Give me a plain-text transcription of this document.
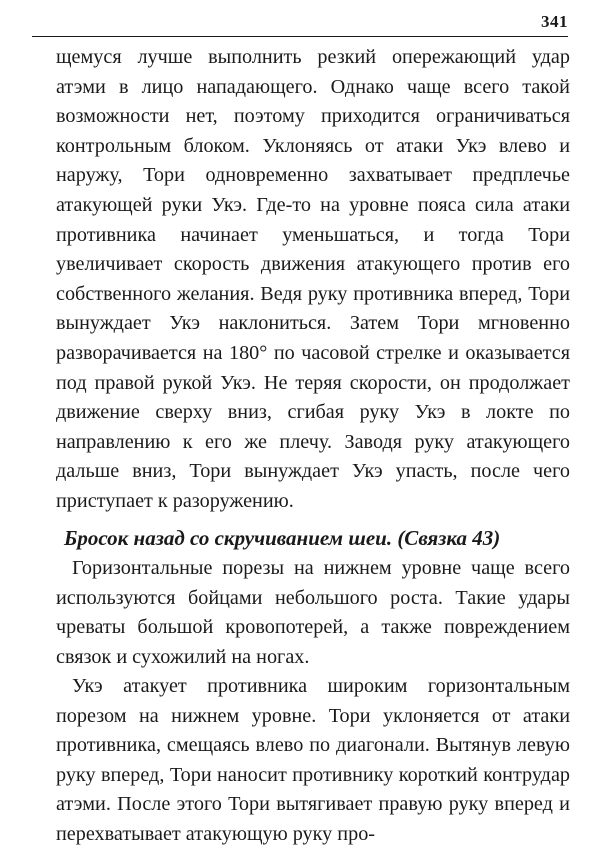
341

щемуся лучше выполнить резкий опережающий удар атэми в лицо нападающего. Однако чаще всего такой возможности нет, поэтому приходится ограничиваться контрольным блоком. Уклоняясь от атаки Укэ влево и наружу, Тори одновременно захватывает предплечье атакующей руки Укэ. Где-то на уровне пояса сила атаки противника начинает уменьшаться, и тогда Тори увеличивает скорость движения атакующего против его собственного желания. Ведя руку противника вперед, Тори вынуждает Укэ наклониться. Затем Тори мгновенно разворачивается на 180° по часовой стрелке и оказывается под правой рукой Укэ. Не теряя скорости, он продолжает движение сверху вниз, сгибая руку Укэ в локте по направлению к его же плечу. Заводя руку атакующего дальше вниз, Тори вынуждает Укэ упасть, после чего приступает к разоружению.

Бросок назад со скручиванием шеи. (Связка 43)

Горизонтальные порезы на нижнем уровне чаще всего используются бойцами небольшого роста. Такие удары чреваты большой кровопотерей, а также повреждением связок и сухожилий на ногах.

Укэ атакует противника широким горизонтальным порезом на нижнем уровне. Тори уклоняется от атаки противника, смещаясь влево по диагонали. Вытянув левую руку вперед, Тори наносит противнику короткий контрудар атэми. После этого Тори вытягивает правую руку вперед и перехватывает атакующую руку про-
